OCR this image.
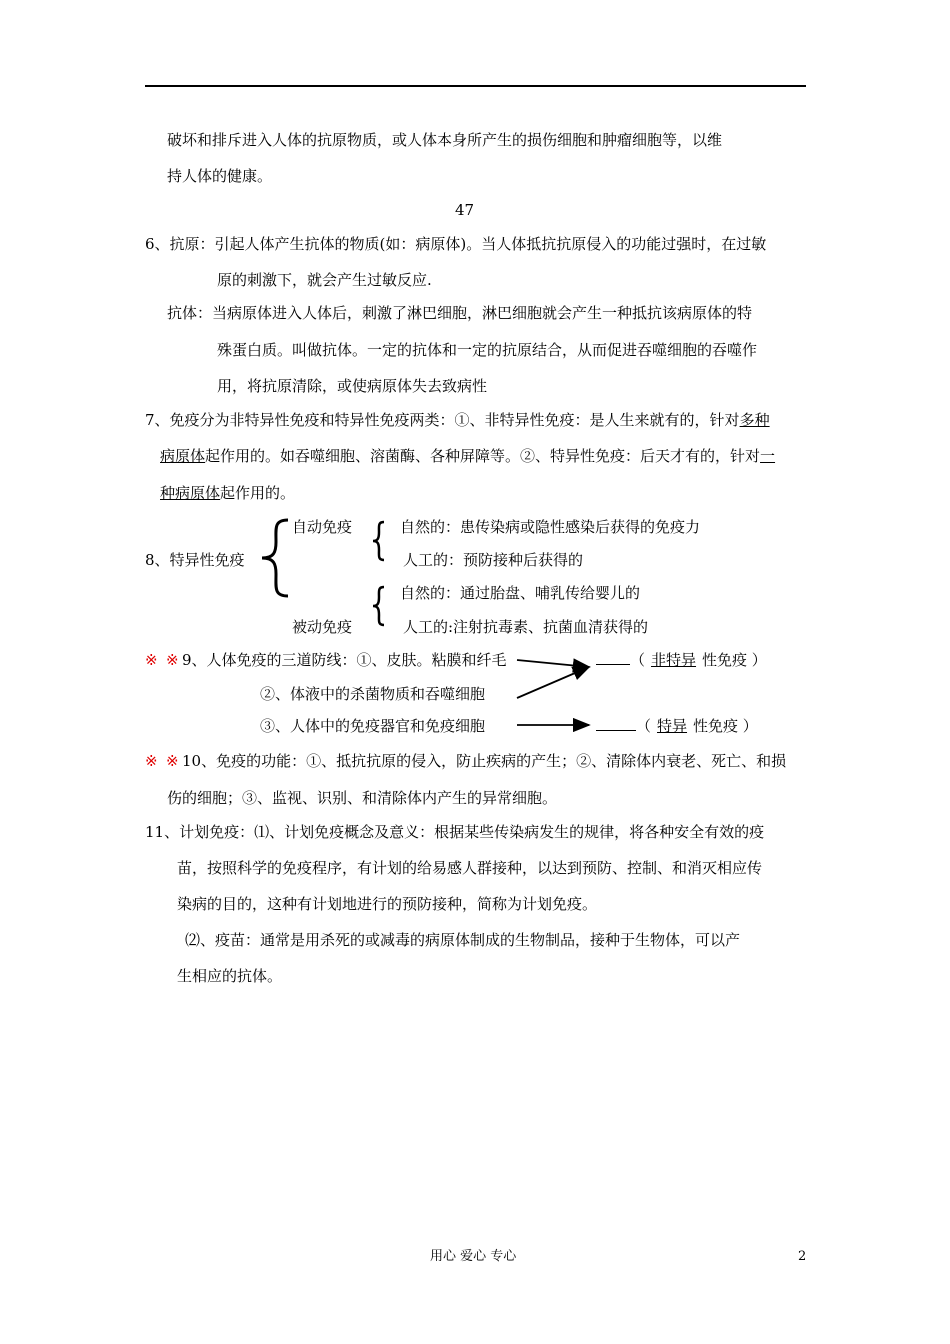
破坏和排斥进入人体的抗原物质，或人体本身所产生的损伤细胞和肿瘤细胞等，以维
持人体的健康。
47
6、抗原：引起人体产生抗体的物质(如：病原体)。当人体抵抗抗原侵入的功能过强时，在过敏
原的刺激下，就会产生过敏反应.
抗体：当病原体进入人体后，刺激了淋巴细胞，淋巴细胞就会产生一种抵抗该病原体的特
殊蛋白质。叫做抗体。一定的抗体和一定的抗原结合，从而促进吞噬细胞的吞噬作
用，将抗原清除，或使病原体失去致病性
7、免疫分为非特异性免疫和特异性免疫两类：①、非特异性免疫：是人生来就有的，针对多种
病原体起作用的。如吞噬细胞、溶菌酶、各种屏障等。②、特异性免疫：后天才有的，针对一
种病原体起作用的。
8、特异性免疫
自动免疫	自然的：患传染病或隐性感染后获得的免疫力
人工的：预防接种后获得的
自然的：通过胎盘、哺乳传给婴儿的
被动免疫	人工的:注射抗毒素、抗菌血清获得的
※ ※ 9、人体免疫的三道防线：①、皮肤。粘膜和纤毛
②、体液中的杀菌物质和吞噬细胞
③、人体中的免疫器官和免疫细胞
（ 非特异 性免疫 ）
（ 特异 性免疫 ）
※ ※ 10、免疫的功能：①、抵抗抗原的侵入，防止疾病的产生；②、清除体内衰老、死亡、和损
伤的细胞；③、监视、识别、和清除体内产生的异常细胞。
11、计划免疫：⑴、计划免疫概念及意义：根据某些传染病发生的规律，将各种安全有效的疫
苗，按照科学的免疫程序，有计划的给易感人群接种，以达到预防、控制、和消灭相应传
染病的目的，这种有计划地进行的预防接种，简称为计划免疫。
⑵、疫苗：通常是用杀死的或减毒的病原体制成的生物制品，接种于生物体，可以产
生相应的抗体。
用心 爱心 专心	2
